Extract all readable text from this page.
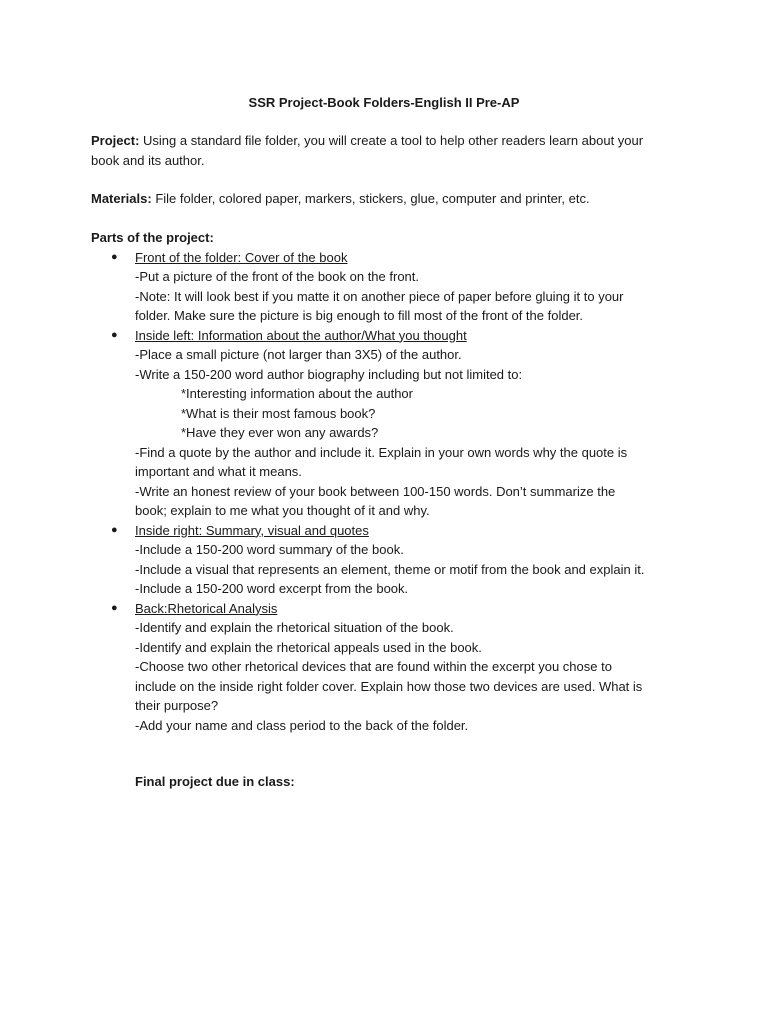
SSR Project-Book Folders-English II Pre-AP
Project: Using a standard file folder, you will create a tool to help other readers learn about your
book and its author.
Materials: File folder, colored paper, markers, stickers, glue, computer and printer, etc.
Parts of the project:
● Front of the folder: Cover of the book
-Put a picture of the front of the book on the front.
-Note: It will look best if you matte it on another piece of paper before gluing it to your
folder. Make sure the picture is big enough to fill most of the front of the folder.
● Inside left: Information about the author/What you thought
-Place a small picture (not larger than 3X5) of the author.
-Write a 150-200 word author biography including but not limited to:
*Interesting information about the author
*What is their most famous book?
*Have they ever won any awards?
-Find a quote by the author and include it. Explain in your own words why the quote is
important and what it means.
-Write an honest review of your book between 100-150 words. Don’t summarize the
book; explain to me what you thought of it and why.
● Inside right: Summary, visual and quotes
-Include a 150-200 word summary of the book.
-Include a visual that represents an element, theme or motif from the book and explain it.
-Include a 150-200 word excerpt from the book.
● Back:Rhetorical Analysis
-Identify and explain the rhetorical situation of the book.
-Identify and explain the rhetorical appeals used in the book.
-Choose two other rhetorical devices that are found within the excerpt you chose to
include on the inside right folder cover. Explain how those two devices are used. What is
their purpose?
-Add your name and class period to the back of the folder.
Final project due in class:
